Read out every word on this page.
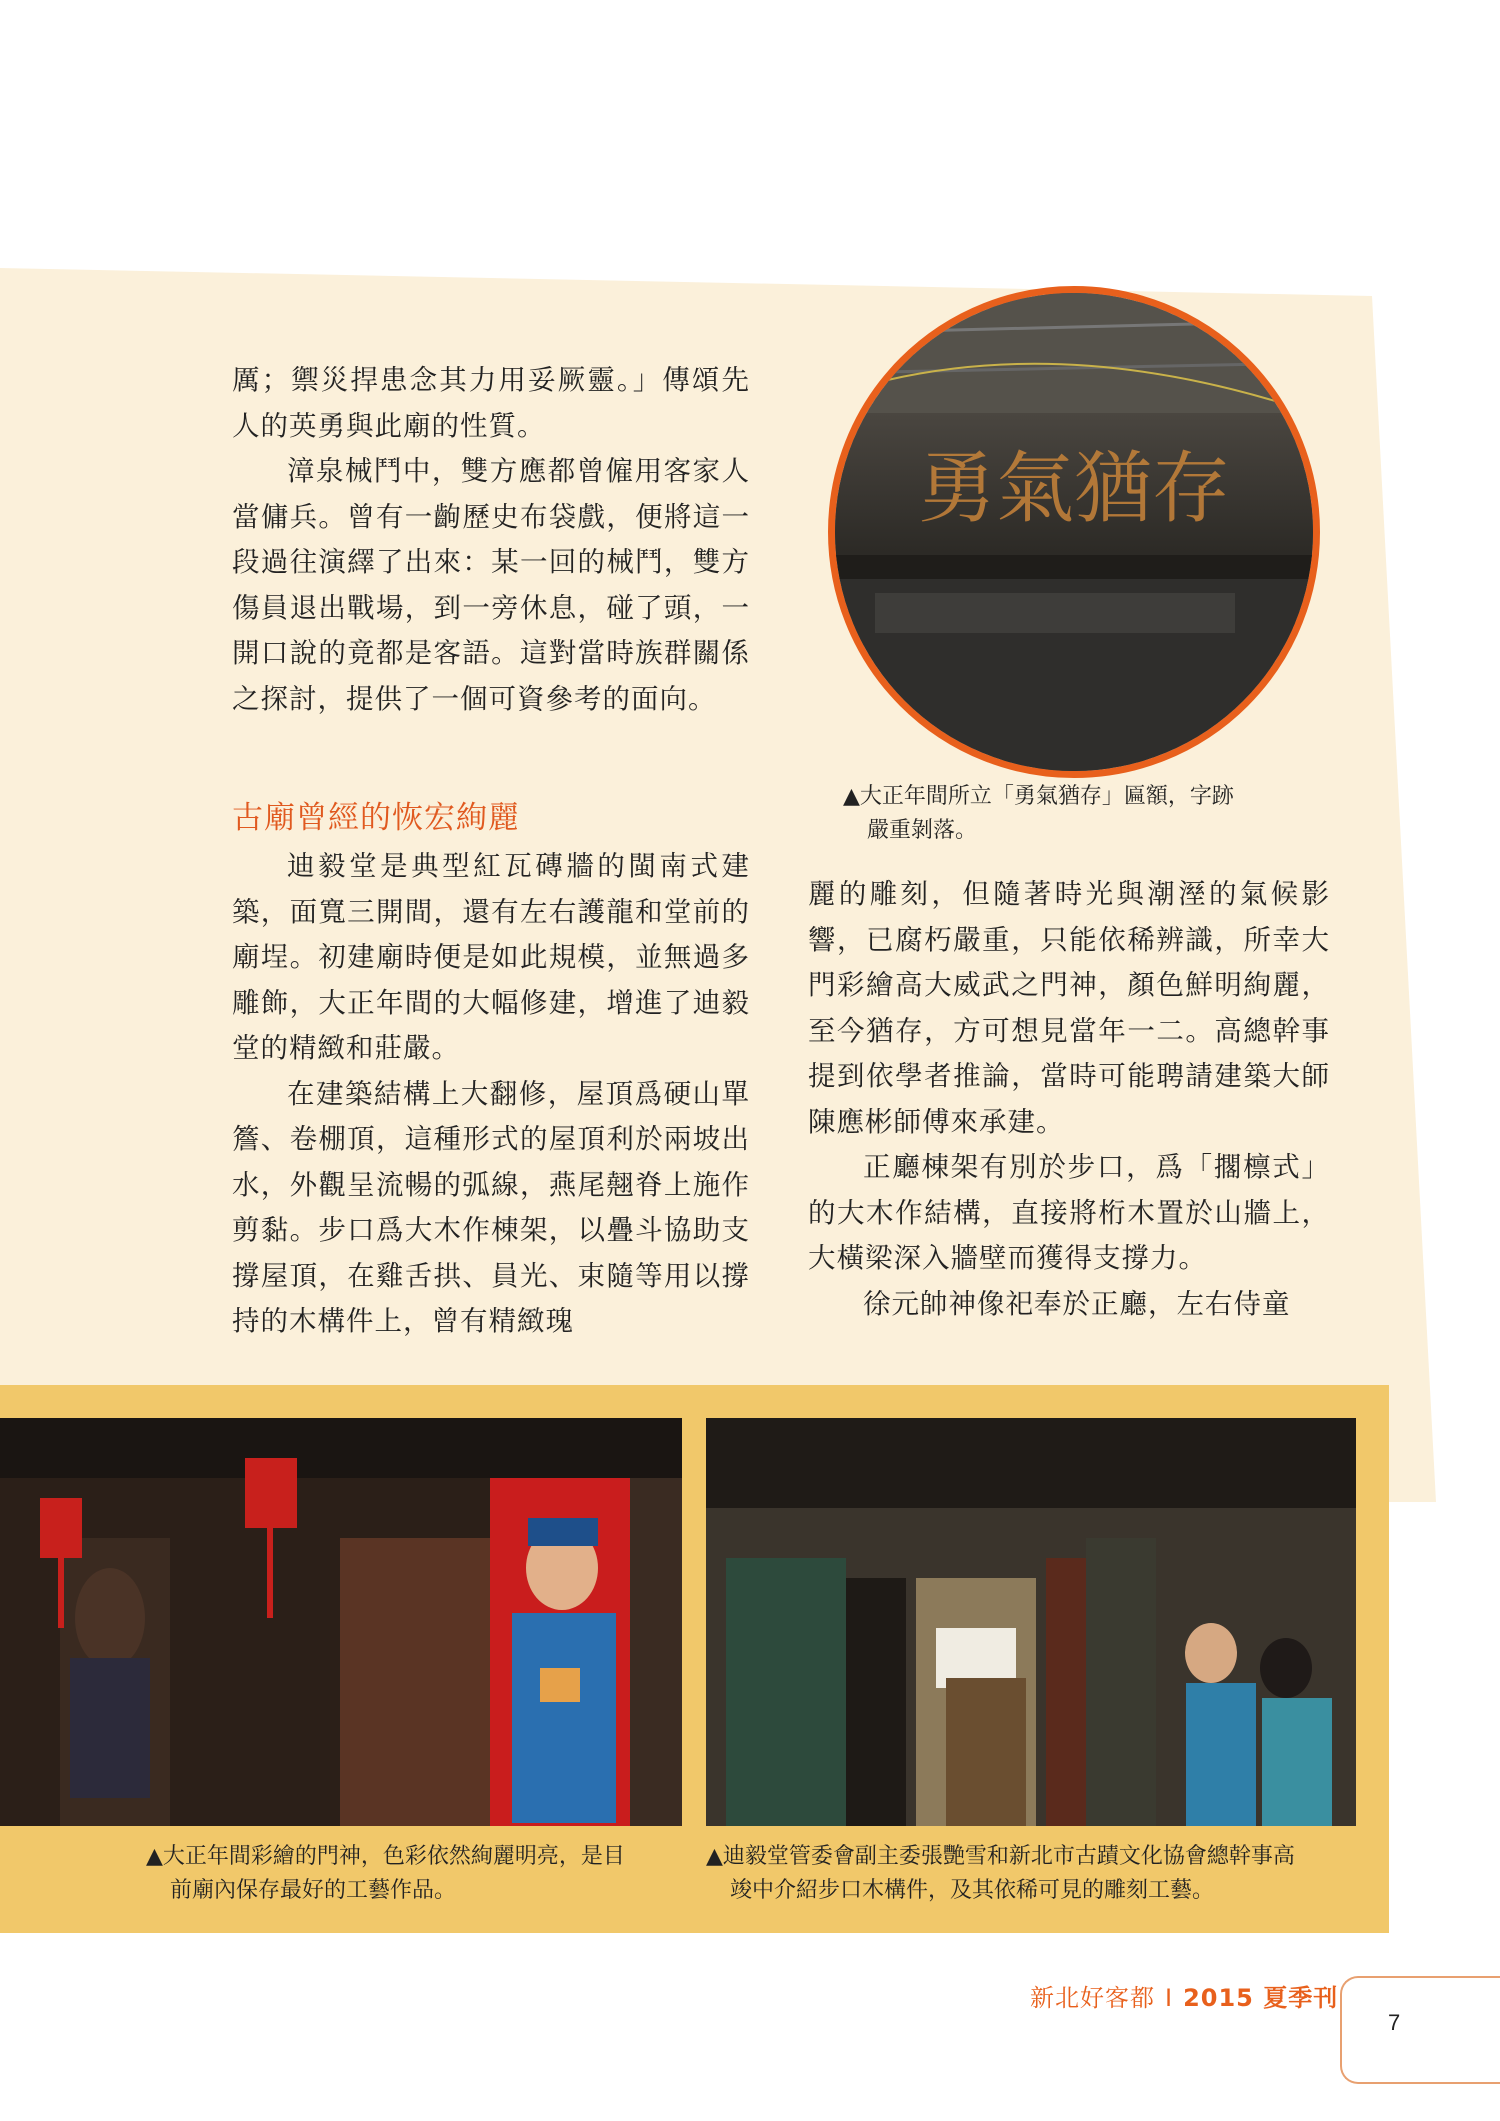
厲；禦災捍患念其力用妥厥靈。」傳頌先人的英勇與此廟的性質。

漳泉械鬥中，雙方應都曾僱用客家人當傭兵。曾有一齣歷史布袋戲，便將這一段過往演繹了出來：某一回的械鬥，雙方傷員退出戰場，到一旁休息，碰了頭，一開口說的竟都是客語。這對當時族群關係之探討，提供了一個可資參考的面向。

古廟曾經的恢宏絢麗

迪毅堂是典型紅瓦磚牆的閩南式建築，面寬三開間，還有左右護龍和堂前的廟埕。初建廟時便是如此規模，並無過多雕飾，大正年間的大幅修建，增進了迪毅堂的精緻和莊嚴。

在建築結構上大翻修，屋頂爲硬山單簷、卷棚頂，這種形式的屋頂利於兩坡出水，外觀呈流暢的弧線，燕尾翹脊上施作剪黏。步口爲大木作棟架，以疊斗協助支撐屋頂，在雞舌拱、員光、束隨等用以撐持的木構件上，曾有精緻瑰

勇氣猶存
▲大正年間所立「勇氣猶存」匾額，字跡
嚴重剝落。

麗的雕刻，但隨著時光與潮溼的氣候影響，已腐朽嚴重，只能依稀辨識，所幸大門彩繪高大威武之門神，顏色鮮明絢麗，至今猶存，方可想見當年一二。高總幹事提到依學者推論，當時可能聘請建築大師陳應彬師傅來承建。

正廳棟架有別於步口，爲「擱檩式」的大木作結構，直接將桁木置於山牆上，大橫梁深入牆壁而獲得支撐力。

徐元帥神像祀奉於正廳，左右侍童

▲大正年間彩繪的門神，色彩依然絢麗明亮，是目
前廟內保存最好的工藝作品。
▲迪毅堂管委會副主委張艷雪和新北市古蹟文化協會總幹事高
竣中介紹步口木構件，及其依稀可見的雕刻工藝。
新北好客都 I 2015 夏季刊
7
